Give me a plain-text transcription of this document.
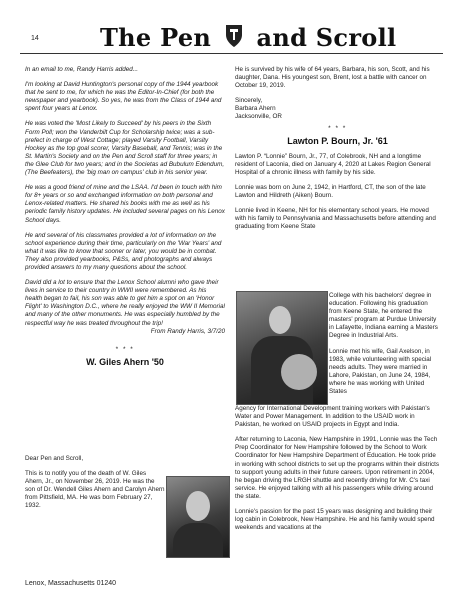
14	The Pen and Scroll

In an email to me, Randy Harris added...

I'm looking at David Huntington's personal copy of the 1944 yearbook that he sent to me, for which he was the Editor-In-Chief (for both the newspaper and yearbook). So yes, he was from the Class of 1944 and spent four years at Lenox.

He was voted the 'Most Likely to Succeed' by his peers in the Sixth Form Poll; won the Vanderbilt Cup for Scholarship twice; was a sub-prefect in charge of West Cottage; played Varsity Football, Varsity Hockey as the top goal scorer, Varsity Baseball, and Tennis; was in the St. Martin's Society and on the Pen and Scroll staff for three years; in the Glee Club for two years; and in the Societas ad Bubulum Edendum, (The Beefeaters), the 'big man on campus' club in his senior year.

He was a good friend of mine and the LSAA. I'd been in touch with him for 8+ years or so and exchanged information on both personal and Lenox-related matters. He shared his books with me as well as his periodic family history updates. He included several pages on his Lenox School days.

He and several of his classmates provided a lot of information on the school experience during their time, particularly on the 'War Years' and what it was like to know that sooner or later, you would be in combat. They also provided yearbooks, P&Ss, and photographs and always provided answers to my many questions about the school.

David did a lot to ensure that the Lenox School alumni who gave their lives in service to their country in WWII were remembered. As his health began to fail, his son was able to get him a spot on an 'Honor Flight' to Washington D.C., where he really enjoyed the WW II Memorial and many of the other monuments. He was especially humbled by the respectful way he was treated throughout the trip!

From Randy Harris, 3/7/20
* * *
W. Giles Ahern '50

Dear Pen and Scroll,

This is to notify you of the death of W. Giles Ahern, Jr., on November 26, 2019. He was the son of Dr. Wendell Giles Ahern and Carolyn Ahern from Pittsfield, MA. He was born February 27, 1932.

Lenox, Massachusetts 01240

He is survived by his wife of 64 years, Barbara, his son, Scott, and his daughter, Dana. His youngest son, Brent, lost a battle with cancer on October 19, 2019.

Sincerely,
Barbara Ahern
Jacksonville, OR
* * *
Lawton P. Bourn, Jr. '61

Lawton P. “Lonnie” Bourn, Jr., 77, of Colebrook, NH and a longtime resident of Laconia, died on January 4, 2020 at Lakes Region General Hospital of a chronic illness with family by his side.

Lonnie was born on June 2, 1942, in Hartford, CT, the son of the late Lawton and Hildreth (Aiken) Bourn.

Lonnie lived in Keene, NH for his elementary school years. He moved with his family to Pennsylvania and Massachusetts before attending and graduating from Keene State

College with his bachelors' degree in education. Following his graduation from Keene State, he entered the masters' program at Purdue University in Lafayette, Indiana earning a Masters Degree in Industrial Arts.

Lonnie met his wife, Gail Axelson, in 1983, while volunteering with special needs adults. They were married in Lahore, Pakistan, on June 24, 1984, where he was working with United States

Agency for International Development training workers with Pakistan's Water and Power Management. In addition to the USAID work in Pakistan, he worked on USAID projects in Egypt and India.

After returning to Laconia, New Hampshire in 1991, Lonnie was the Tech Prep Coordinator for New Hampshire followed by the School to Work Coordinator for New Hampshire Department of Education. He took pride in working with school districts to set up the programs within their districts to support young adults in their future careers. Upon retirement in 2004, he began driving the LRGH shuttle and recently driving for Mr. C's taxi service. He enjoyed talking with all his passengers while driving around the state.

Lonnie's passion for the past 15 years was designing and building their log cabin in Colebrook, New Hampshire. He and his family would spend weekends and vacations at the
